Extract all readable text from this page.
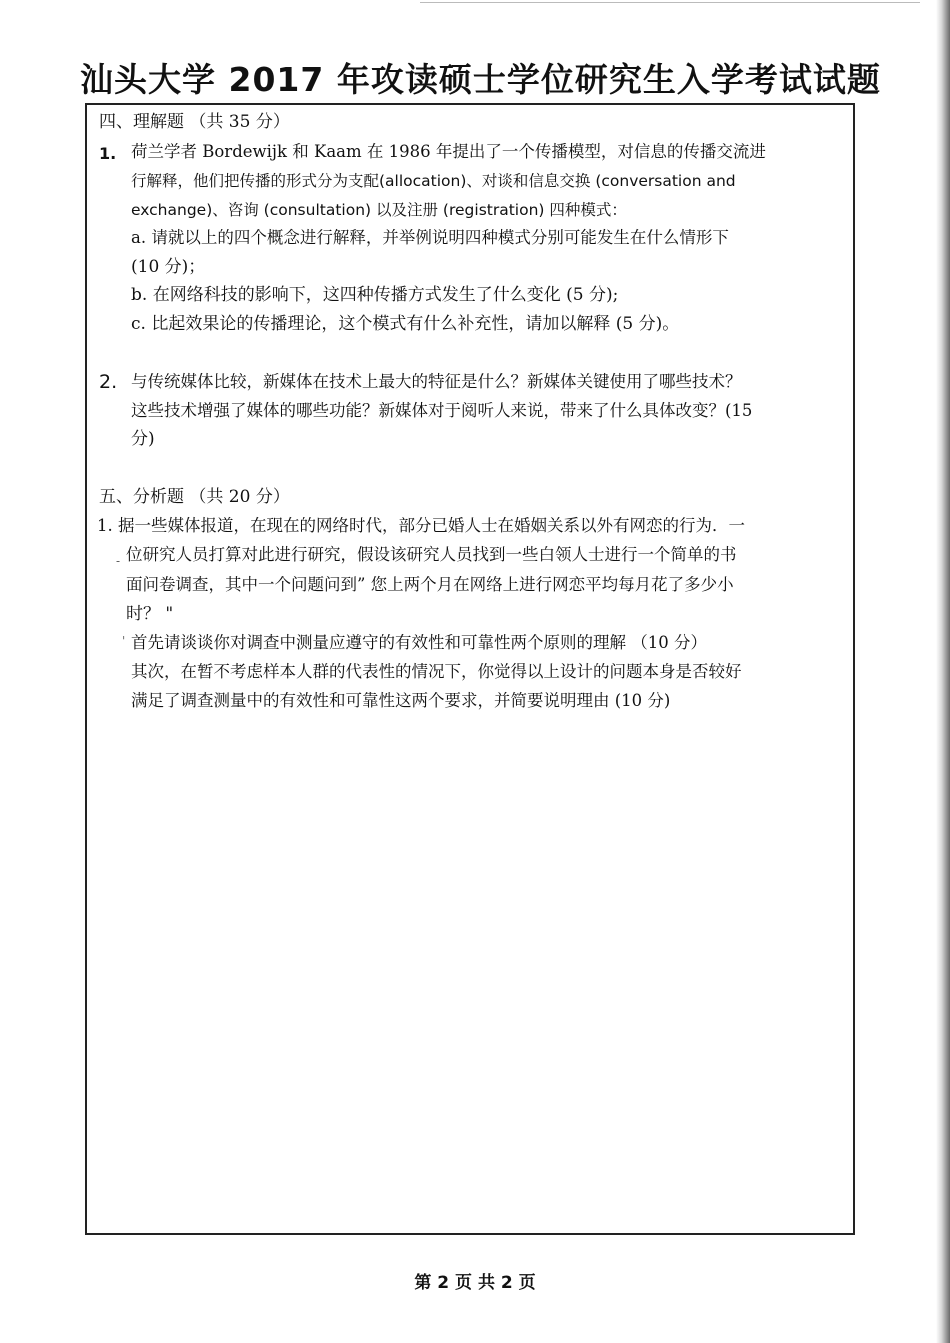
汕头大学 2017 年攻读硕士学位研究生入学考试试题
四、理解题 （共 35 分）
1. 荷兰学者 Bordewijk 和 Kaam 在 1986 年提出了一个传播模型，对信息的传播交流进
行解释，他们把传播的形式分为支配(allocation)、对谈和信息交换 (conversation and
exchange)、咨询 (consultation) 以及注册 (registration) 四种模式：
a. 请就以上的四个概念进行解释，并举例说明四种模式分别可能发生在什么情形下
(10 分)；
b. 在网络科技的影响下，这四种传播方式发生了什么变化 (5 分);
c. 比起效果论的传播理论，这个模式有什么补充性，请加以解释 (5 分)。
2. 与传统媒体比较，新媒体在技术上最大的特征是什么？新媒体关键使用了哪些技术？
这些技术增强了媒体的哪些功能？新媒体对于阅听人来说，带来了什么具体改变？(15
分)
五、分析题 （共 20 分）
1. 据一些媒体报道，在现在的网络时代，部分已婚人士在婚姻关系以外有网恋的行为．一
- 位研究人员打算对此进行研究，假设该研究人员找到一些白领人士进行一个简单的书
面问卷调查，其中一个问题问到” 您上两个月在网络上进行网恋平均每月花了多少小
时？ "
' 首先请谈谈你对调查中测量应遵守的有效性和可靠性两个原则的理解 （10 分）
其次，在暂不考虑样本人群的代表性的情况下，你觉得以上设计的问题本身是否较好
满足了调查测量中的有效性和可靠性这两个要求，并简要说明理由 (10 分)
第 2 页 共 2 页
